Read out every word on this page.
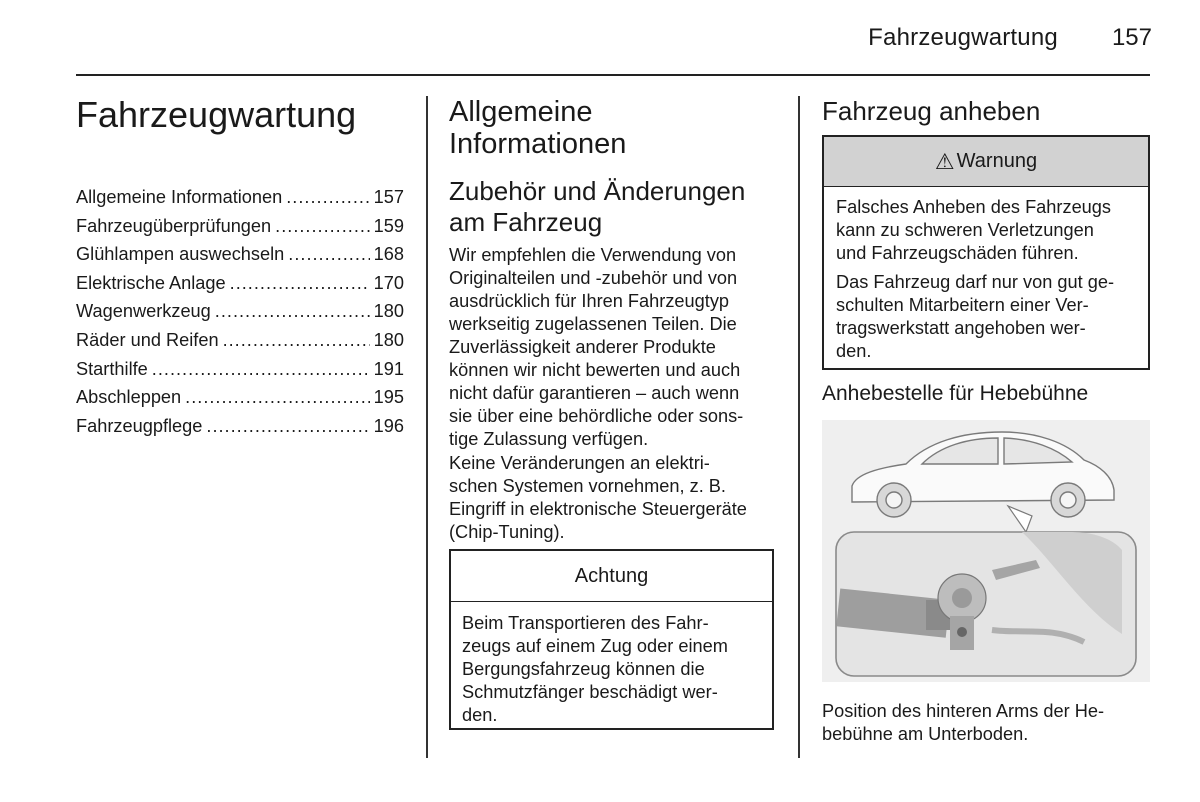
Fahrzeugwartung 157
Fahrzeugwartung
Allgemeine Informationen .....	157
Fahrzeugüberprüfungen .....	159
Glühlampen auswechseln .....	168
Elektrische Anlage .....	170
Wagenwerkzeug .....	180
Räder und Reifen .....	180
Starthilfe .....	191
Abschleppen .....	195
Fahrzeugpflege .....	196
Allgemeine
Informationen
Zubehör und Änderungen
am Fahrzeug

Wir empfehlen die Verwendung von
Originalteilen und -zubehör und von
ausdrücklich für Ihren Fahrzeugtyp
werkseitig zugelassenen Teilen. Die
Zuverlässigkeit anderer Produkte
können wir nicht bewerten und auch
nicht dafür garantieren – auch wenn
sie über eine behördliche oder sons‐
tige Zulassung verfügen.

Keine Veränderungen an elektri‐
schen Systemen vornehmen, z. B.
Eingriff in elektronische Steuergeräte
(Chip-Tuning).

Achtung

Beim Transportieren des Fahr‐
zeugs auf einem Zug oder einem
Bergungsfahrzeug können die
Schmutzfänger beschädigt wer‐
den.

Fahrzeug anheben
⚠ Warnung

Falsches Anheben des Fahrzeugs
kann zu schweren Verletzungen
und Fahrzeugschäden führen.

Das Fahrzeug darf nur von gut ge‐
schulten Mitarbeitern einer Ver‐
tragswerkstatt angehoben wer‐
den.

Anhebestelle für Hebebühne

Position des hinteren Arms der He‐
bebühne am Unterboden.
